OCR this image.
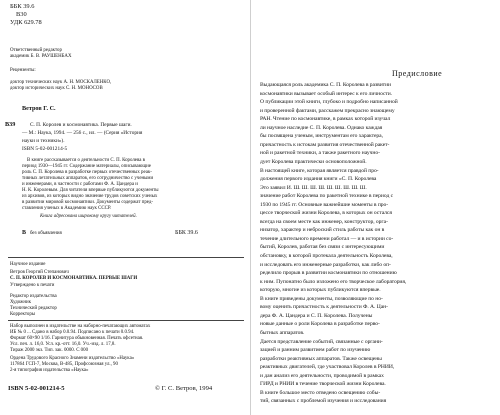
ББК 39.6
В30
УДК 629.78
Ответственный редактор
академик Б. В. РАУШЕНБАХ
Рецензенты:
доктор технических наук А. Н. МОСКАЛЕНКО,
доктор исторических наук С. Н. МОНОСОВ
Ветров Г. С.
В39	С. П. Королев и космонавтика. Первые шаги.
— М.: Наука, 1994. — 256 с., ил. — (Серия «История
науки и техники»).
ISBN 5-02-001214-5
В книге рассказывается о деятельности С. П. Королева в
период 1930—1945 гг. Содержание материалы, описывающие
роль С. П. Королева в разработке первых отечественных реак-
тивных летательных аппаратов, его сотрудничество с учеными
и инженерами, в частности с работами Ф. А. Цандера и
Н. К. Королевым. Для читателя впервые публикуются документы
из архивов, из которых видно значение трудов советских ученых
в развитии мировой космонавтики. Документы содержат пред-
ставления ученых в Академию наук СССР.
Книга адресована широкому кругу читателей.
В без объявления	ББК 39.6
Научное издание
Ветров Георгий Степанович
С. П. КОРОЛЕВ И КОСМОНАВТИКА. ПЕРВЫЕ ШАГИ
Утверждено к печати
Редактор издательства
Художник
Технический редактор
Корректоры
Набор выполнен в издательстве на наборно-печатающих автоматах
ИБ № 0 ... Сдано в набор 0.0.94. Подписано к печати 0.0.94.
Формат 60×90 1/16. Гарнитура обыкновенная. Печать офсетная.
Усл. печ. л. 16,0. Усл. кр.-отт. 16,0. Уч.-изд. л. 17,8.
Тираж 2000 экз. Тип. зак. 0000. С 000
Ордена Трудового Красного Знамени издательство «Наука»
117864 ГСП-7, Москва, В-485, Профсоюзная ул., 90
2-я типография издательства «Наука»
ISBN 5-02-001214-5	© Г. С. Ветров, 1994
Предисловие
Выдающаяся роль академика С. П. Королева в развитии
космонавтики вызывает особый интерес к его личности.
О публикации этой книги, глубоко и подробно написанной
и проверенной фактами, расскажем прекрасно знающему
РАН. Чтение по космонавтике, в рамках которой изучал
ли научное наследие С. П. Королева. Однако каждая
бы посвящена ученым, инструментам его характера,
причастность к истокам развития отечественной ракет-
ной и ракетной техники, а также ракетного научно-
дует Королева практически основоположной.
В настоящей книге, которая является правдой про-
должения первого издания книги «С. П. Королева
Это заявил И. Ш. Ш. Ш. Ш. Ш. Ш. Ш. Ш. Ш.
значение работ Королева по ракетной технике в период с
1930 по 1945 гг. Основные важнейшие моменты в про-
цессе творческой жизни Королева, в которых он остался
всегда на своем месте как инженер, конструктор, орга-
низатор, характер и неброский стиль работы как он в
течение длительного времени работал — и в истории со-
бытий, Королев, работая без связи с интересующими
обстановку, в которой протекала деятельность Королева,
и исследовать его инженерные разработки, как либо оп-
ределило прорыв в развитии космонавтики по отношению
к ним. Пупонатно было изложено его творческое лаборатория,
которую, многие из которых публикуются впервые.
В книге приведены документы, позволяющие по но-
вому оценить причастность к деятельности Ф. А. Цан-
дера Ф. А. Цандера и С. П. Королева. Получены
новые данные о роли Королева в разработке перво-
бытных аппаратов.
Дается представление событий, связанные с органи-
зацией и ранним развитием работ по изучению
разработки реактивных аппаратов. Также освещены
реактивных двигателей, где участвовал Королев в РНИИ,
и дан анализ его деятельности, проводимой в рамках
ГИРД и РНИИ в течение творческой жизни Королева.
В книге большое место отведено освещению собы-
тий, связанных с проблемой изучения и исследования
